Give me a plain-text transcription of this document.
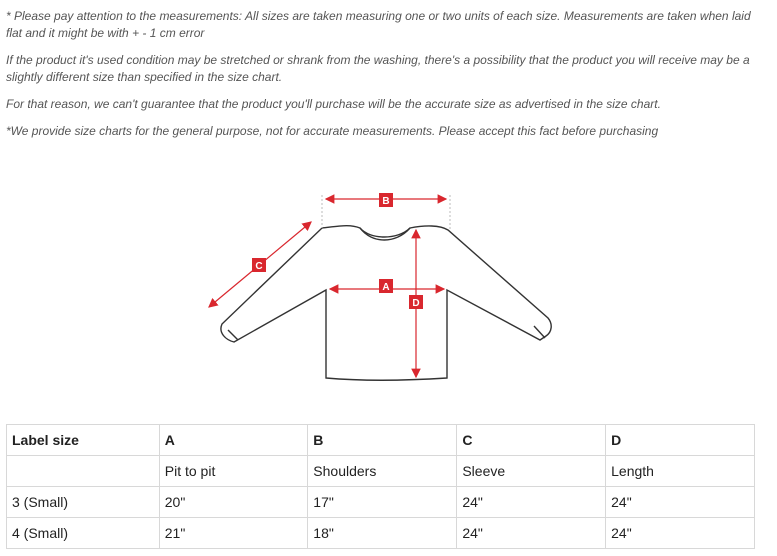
* Please pay attention to the measurements: All sizes are taken measuring one or two units of each size. Measurements are taken when laid flat and it might be with + - 1 cm error

If the product it's used condition may be stretched or shrank from the washing, there's a possibility that the product you will receive may be a slightly different size than specified in the size chart.

For that reason, we can't guarantee that the product you'll purchase will be the accurate size as advertised in the size chart.

*We provide size charts for the general purpose, not for accurate measurements. Please accept this fact before purchasing

B
C
A
D
Label size	A	B	C	D
	Pit to pit	Shoulders	Sleeve	Length
3 (Small)	20"	17"	24"	24"
4 (Small)	21"	18"	24"	24"
